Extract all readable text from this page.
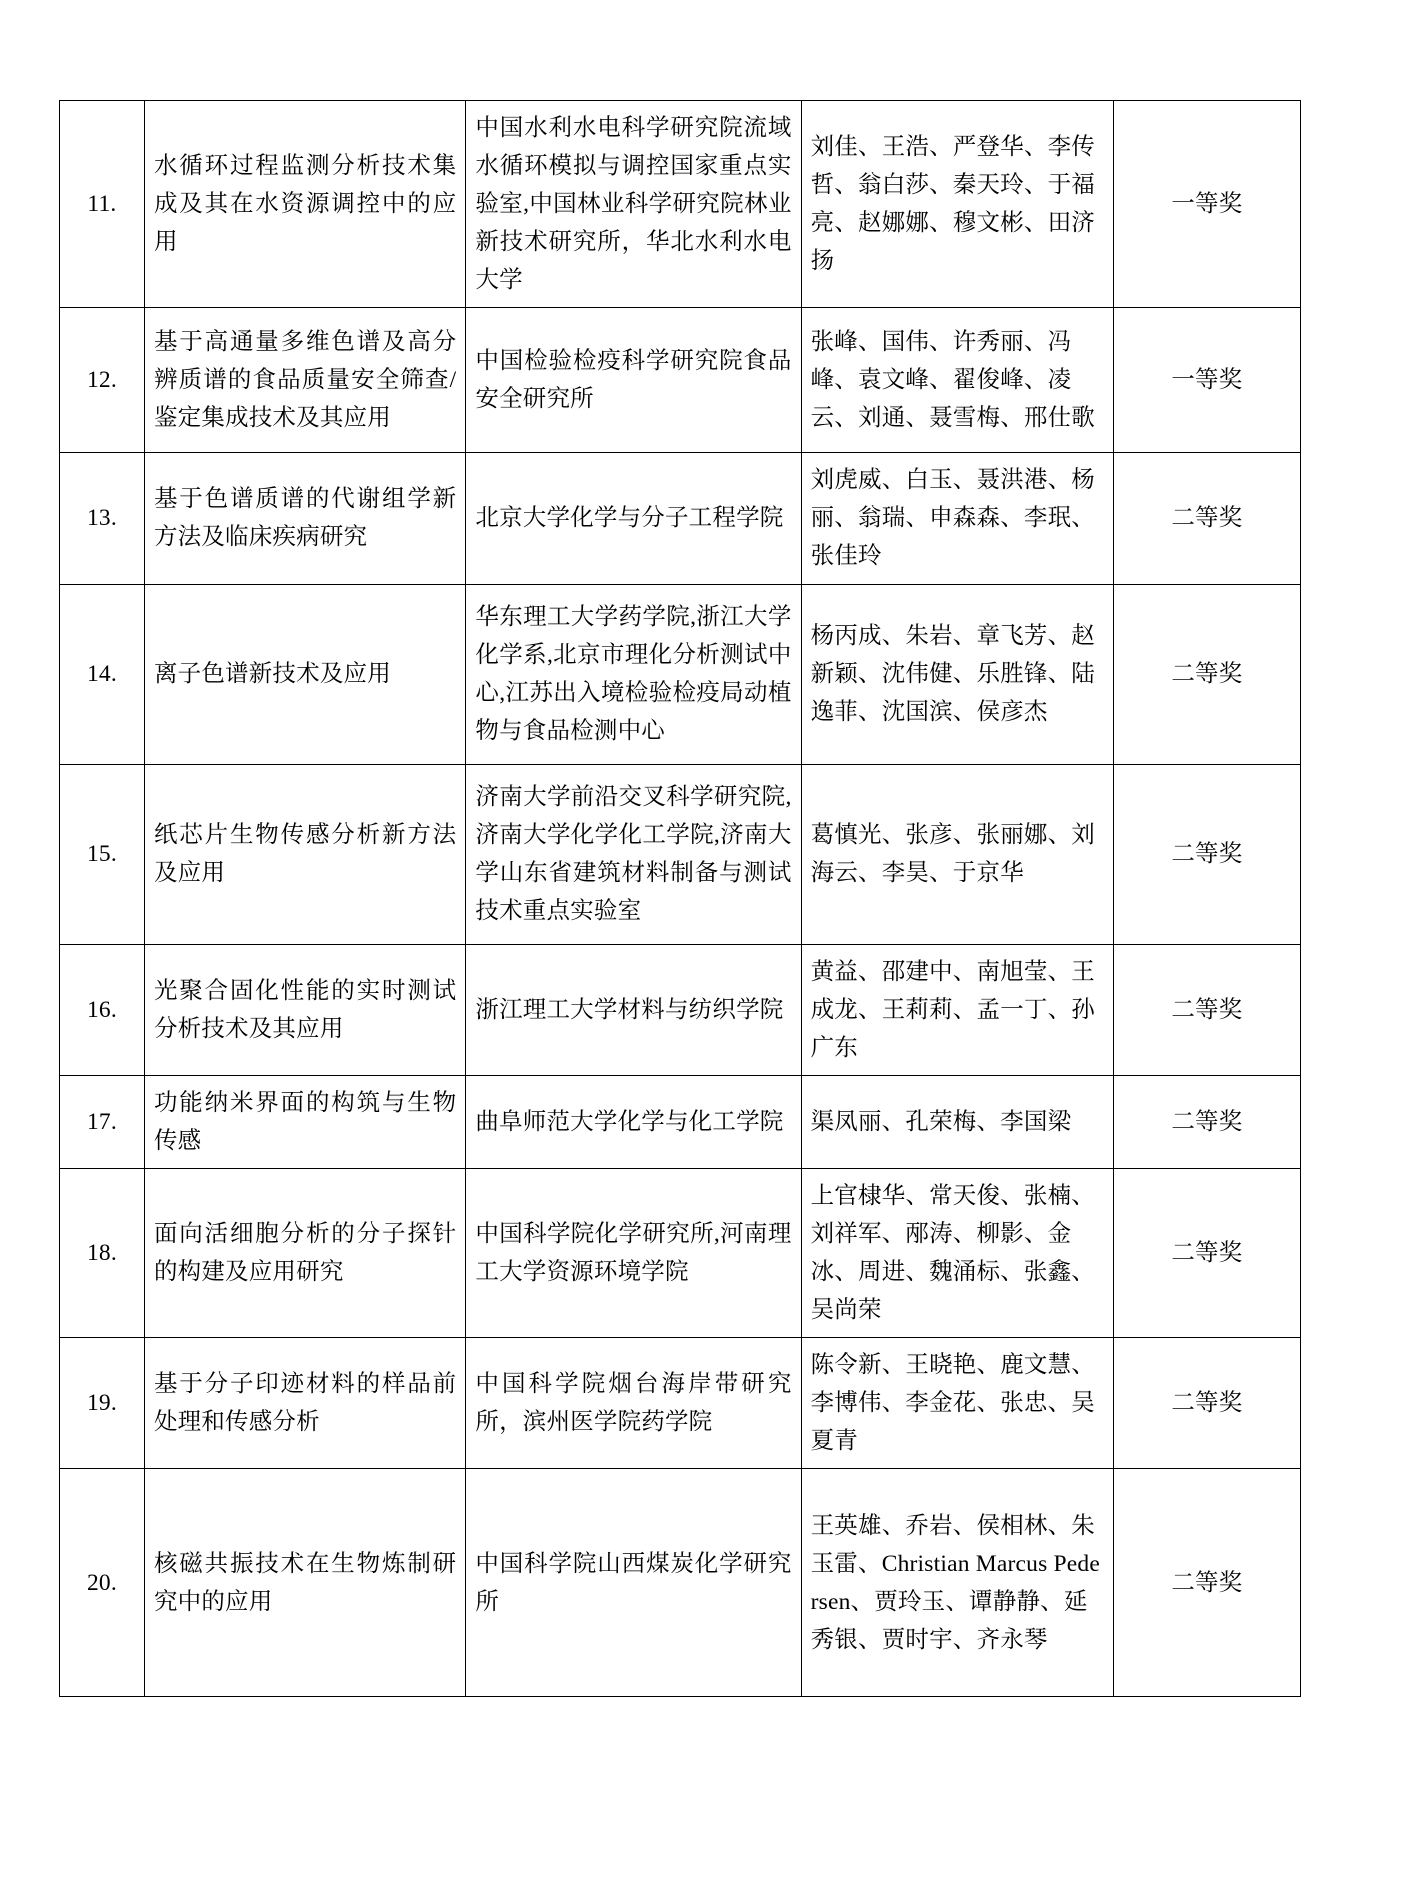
11.	水循环过程监测分析技术集成及其在水资源调控中的应用	中国水利水电科学研究院流域水循环模拟与调控国家重点实验室,中国林业科学研究院林业新技术研究所，华北水利水电大学	刘佳、王浩、严登华、李传哲、翁白莎、秦天玲、于福亮、赵娜娜、穆文彬、田济扬	一等奖

12.	基于高通量多维色谱及高分辨质谱的食品质量安全筛查/鉴定集成技术及其应用	中国检验检疫科学研究院食品安全研究所	张峰、国伟、许秀丽、冯峰、袁文峰、翟俊峰、凌云、刘通、聂雪梅、邢仕歌	一等奖

13.	基于色谱质谱的代谢组学新方法及临床疾病研究	北京大学化学与分子工程学院	刘虎威、白玉、聂洪港、杨丽、翁瑞、申森森、李珉、张佳玲	二等奖

14.	离子色谱新技术及应用	华东理工大学药学院,浙江大学化学系,北京市理化分析测试中心,江苏出入境检验检疫局动植物与食品检测中心	杨丙成、朱岩、章飞芳、赵新颖、沈伟健、乐胜锋、陆逸菲、沈国滨、侯彦杰	二等奖

15.	纸芯片生物传感分析新方法及应用	济南大学前沿交叉科学研究院,济南大学化学化工学院,济南大学山东省建筑材料制备与测试技术重点实验室	葛慎光、张彦、张丽娜、刘海云、李昊、于京华	二等奖

16.	光聚合固化性能的实时测试分析技术及其应用	浙江理工大学材料与纺织学院	黄益、邵建中、南旭莹、王成龙、王莉莉、孟一丁、孙广东	二等奖

17.	功能纳米界面的构筑与生物传感	曲阜师范大学化学与化工学院	渠凤丽、孔荣梅、李国梁	二等奖

18.	面向活细胞分析的分子探针的构建及应用研究	中国科学院化学研究所,河南理工大学资源环境学院	上官棣华、常天俊、张楠、刘祥军、邴涛、柳影、金冰、周进、魏涌标、张鑫、吴尚荣	二等奖

19.	基于分子印迹材料的样品前处理和传感分析	中国科学院烟台海岸带研究所，滨州医学院药学院	陈令新、王晓艳、鹿文慧、李博伟、李金花、张忠、吴夏青	二等奖

20.	核磁共振技术在生物炼制研究中的应用	中国科学院山西煤炭化学研究所	王英雄、乔岩、侯相林、朱玉雷、Christian Marcus Pedersen、贾玲玉、谭静静、延秀银、贾时宇、齐永琴	二等奖
